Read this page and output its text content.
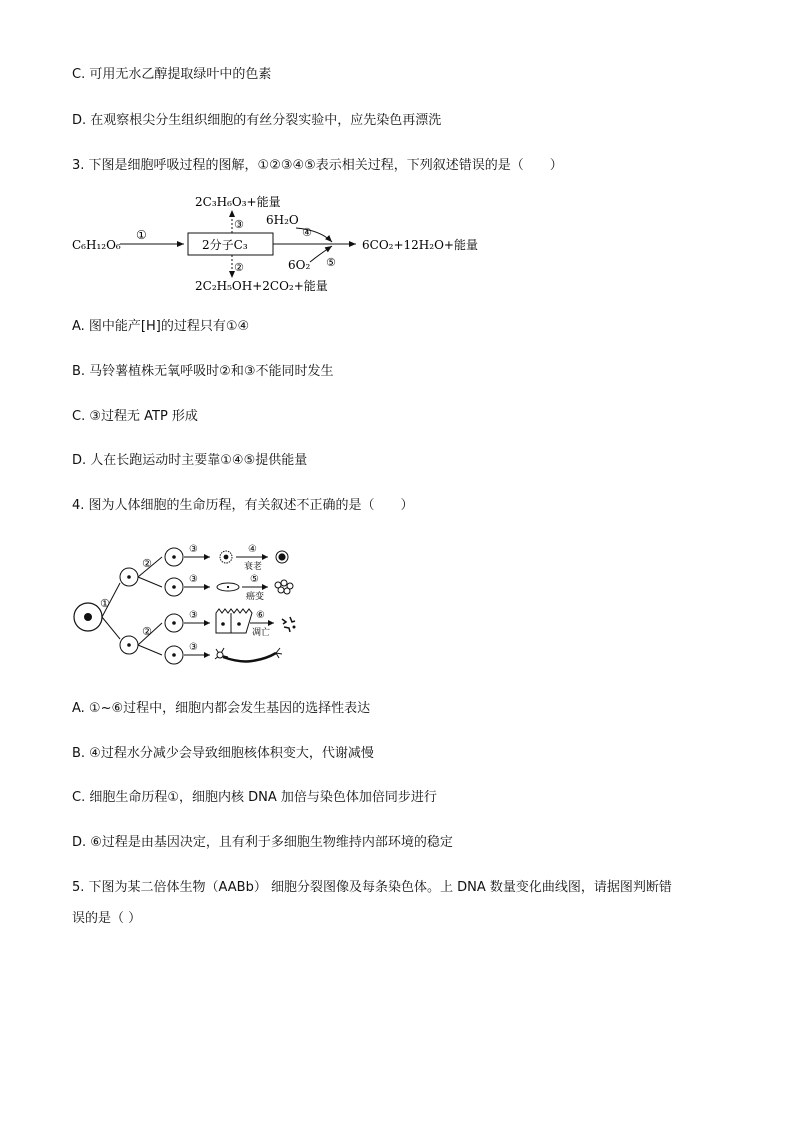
C. 可用无水乙醇提取绿叶中的色素
D. 在观察根尖分生组织细胞的有丝分裂实验中，应先染色再漂洗
3. 下图是细胞呼吸过程的图解，①②③④⑤表示相关过程，下列叙述错误的是（　　）
C₆H₁₂O₆
①
2分子C₃
③
2C₃H₆O₃+能量
②
2C₂H₅OH+2CO₂+能量
6H₂O
④
6O₂ ⑤
6CO₂+12H₂O+能量
A. 图中能产[H]的过程只有①④
B. 马铃薯植株无氧呼吸时②和③不能同时发生
C. ③过程无 ATP 形成
D. 人在长跑运动时主要靠①④⑤提供能量
4. 图为人体细胞的生命历程，有关叙述不正确的是（　　）
①
②
②
③
③
③
③
④
衰老
⑤
癌变
⑥
凋亡
A. ①~⑥过程中，细胞内都会发生基因的选择性表达
B. ④过程水分减少会导致细胞核体积变大，代谢减慢
C. 细胞生命历程①，细胞内核 DNA 加倍与染色体加倍同步进行
D. ⑥过程是由基因决定，且有利于多细胞生物维持内部环境的稳定
5. 下图为某二倍体生物（AABb） 细胞分裂图像及每条染色体。上 DNA 数量变化曲线图，请据图判断错
误的是（ ）
